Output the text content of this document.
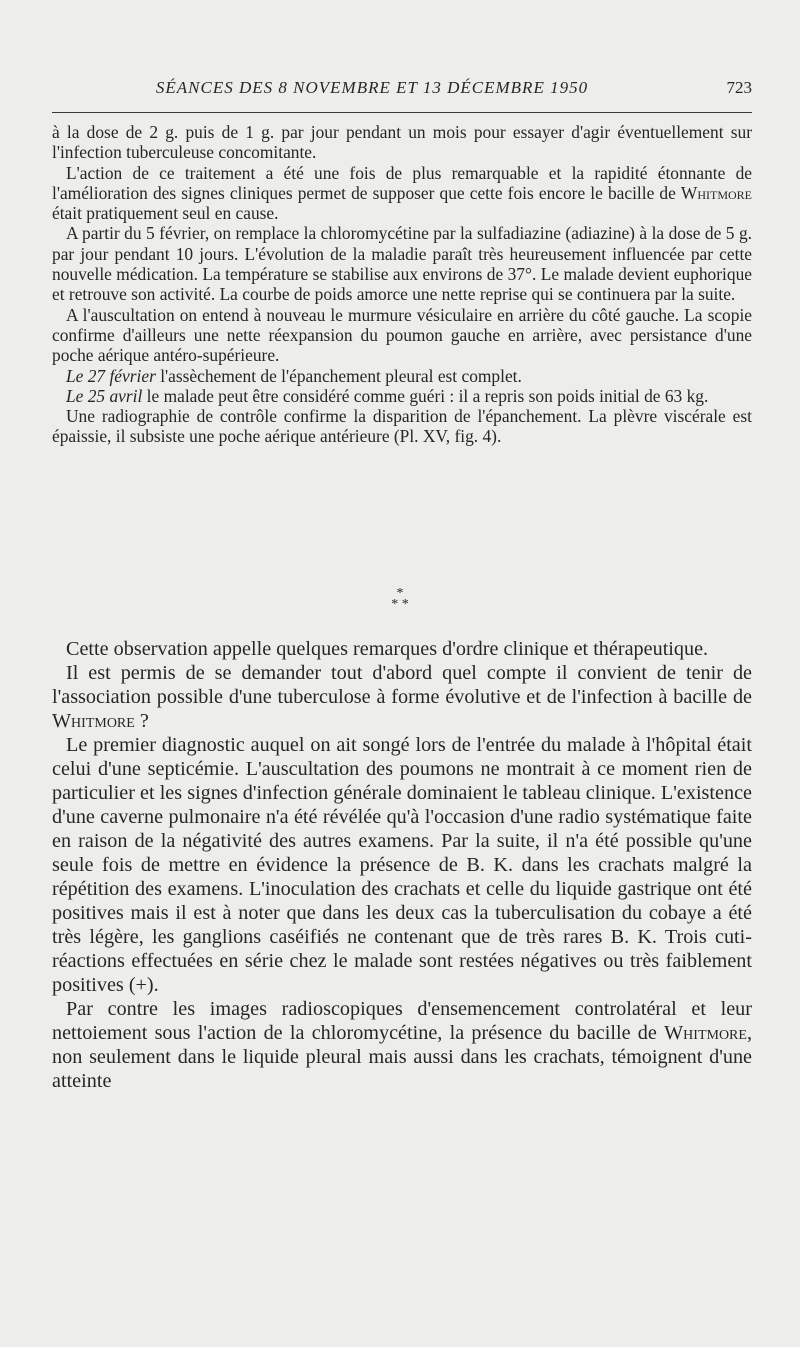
SÉANCES DES 8 NOVEMBRE ET 13 DÉCEMBRE 1950	723

à la dose de 2 g. puis de 1 g. par jour pendant un mois pour essayer d'agir éventuellement sur l'infection tuberculeuse concomitante.

L'action de ce traitement a été une fois de plus remarquable et la rapidité étonnante de l'amélioration des signes cliniques permet de supposer que cette fois encore le bacille de Whitmore était pratiquement seul en cause.

A partir du 5 février, on remplace la chloromycétine par la sulfadiazine (adiazine) à la dose de 5 g. par jour pendant 10 jours. L'évolution de la maladie paraît très heureusement influencée par cette nouvelle médication. La température se stabilise aux environs de 37°. Le malade devient euphorique et retrouve son activité. La courbe de poids amorce une nette reprise qui se continuera par la suite.

A l'auscultation on entend à nouveau le murmure vésiculaire en arrière du côté gauche. La scopie confirme d'ailleurs une nette réexpansion du poumon gauche en arrière, avec persistance d'une poche aérique antéro-supérieure.

Le 27 février l'assèchement de l'épanchement pleural est complet.

Le 25 avril le malade peut être considéré comme guéri : il a repris son poids initial de 63 kg.

Une radiographie de contrôle confirme la disparition de l'épanchement. La plèvre viscérale est épaissie, il subsiste une poche aérique antérieure (Pl. XV, fig. 4).

*
* *

Cette observation appelle quelques remarques d'ordre clinique et thérapeutique.

Il est permis de se demander tout d'abord quel compte il convient de tenir de l'association possible d'une tuberculose à forme évolutive et de l'infection à bacille de Whitmore ?

Le premier diagnostic auquel on ait songé lors de l'entrée du malade à l'hôpital était celui d'une septicémie. L'auscultation des poumons ne montrait à ce moment rien de particulier et les signes d'infection générale dominaient le tableau clinique. L'existence d'une caverne pulmonaire n'a été révélée qu'à l'occasion d'une radio systématique faite en raison de la négativité des autres examens. Par la suite, il n'a été possible qu'une seule fois de mettre en évidence la présence de B. K. dans les crachats malgré la répétition des examens. L'inoculation des crachats et celle du liquide gastrique ont été positives mais il est à noter que dans les deux cas la tuberculisation du cobaye a été très légère, les ganglions caséifiés ne contenant que de très rares B. K. Trois cuti-réactions effectuées en série chez le malade sont restées négatives ou très faiblement positives (+).

Par contre les images radioscopiques d'ensemencement controlatéral et leur nettoiement sous l'action de la chloromycétine, la présence du bacille de Whitmore, non seulement dans le liquide pleural mais aussi dans les crachats, témoignent d'une atteinte
